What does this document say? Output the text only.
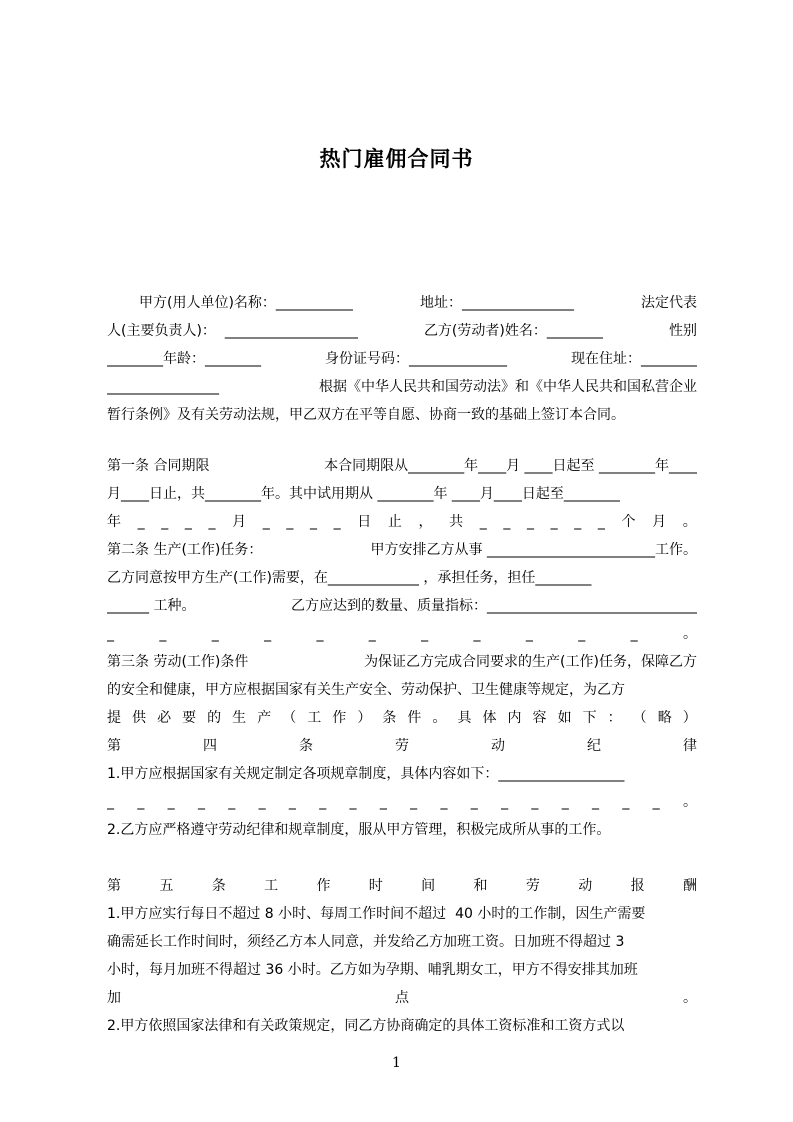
热门雇佣合同书
甲方(用人单位)名称：___________	地址：________________	法定代表
人(主要负责人)：  ___________________	乙方(劳动者)姓名：________	性别
________年龄：________	身份证号码：______________	现在住址：________
________________	根据《中华人民共和国劳动法》和《中华人民共和国私营企业
暂行条例》及有关劳动法规，甲乙双方在平等自愿、协商一致的基础上签订本合同。
第一条 合同期限	本合同期限从________年____月 ____日起至 ________年____
月____日止，共________年。其中试用期从 ________年 ____月____日起至________
年 _ _ _ _ 月 _ _ _ _ 日 止 ， 共 _ _ _ _ _ _ 个 月 。
第二条 生产(工作)任务：	甲方安排乙方从事 ________________________工作。
乙方同意按甲方生产(工作)需要，在_____________ ，承担任务，担任________
______ 工种。	乙方应达到的数量、质量指标：______________________________
_	_	_	_	_	_	_	_	_	_	_	。
第三条 劳动(工作)条件	为保证乙方完成合同要求的生产(工作)任务，保障乙方
的安全和健康，甲方应根据国家有关生产安全、劳动保护、卫生健康等规定，为乙方
提 供 必 要 的 生 产 （ 工 作 ） 条 件 。 具 体 内 容 如 下 ： （ 略 ）
第	四	条	劳	动	纪	律
1.甲方应根据国家有关规定制定各项规章制度，具体内容如下：__________________
_ _ _ _ _ _ _ _ _ _ _ _ _ _ _ _ _ _ _ 。
2.乙方应严格遵守劳动纪律和规章制度，服从甲方管理，积极完成所从事的工作。
第	五	条	工	作	时	间	和	劳	动	报	酬
1.甲方应实行每日不超过 8 小时、每周工作时间不超过  40 小时的工作制，因生产需要
确需延长工作时间时，须经乙方本人同意，并发给乙方加班工资。日加班不得超过 3
小时，每月加班不得超过 36 小时。乙方如为孕期、哺乳期女工，甲方不得安排其加班
加	点	。
2.甲方依照国家法律和有关政策规定，同乙方协商确定的具体工资标准和工资方式以
1
